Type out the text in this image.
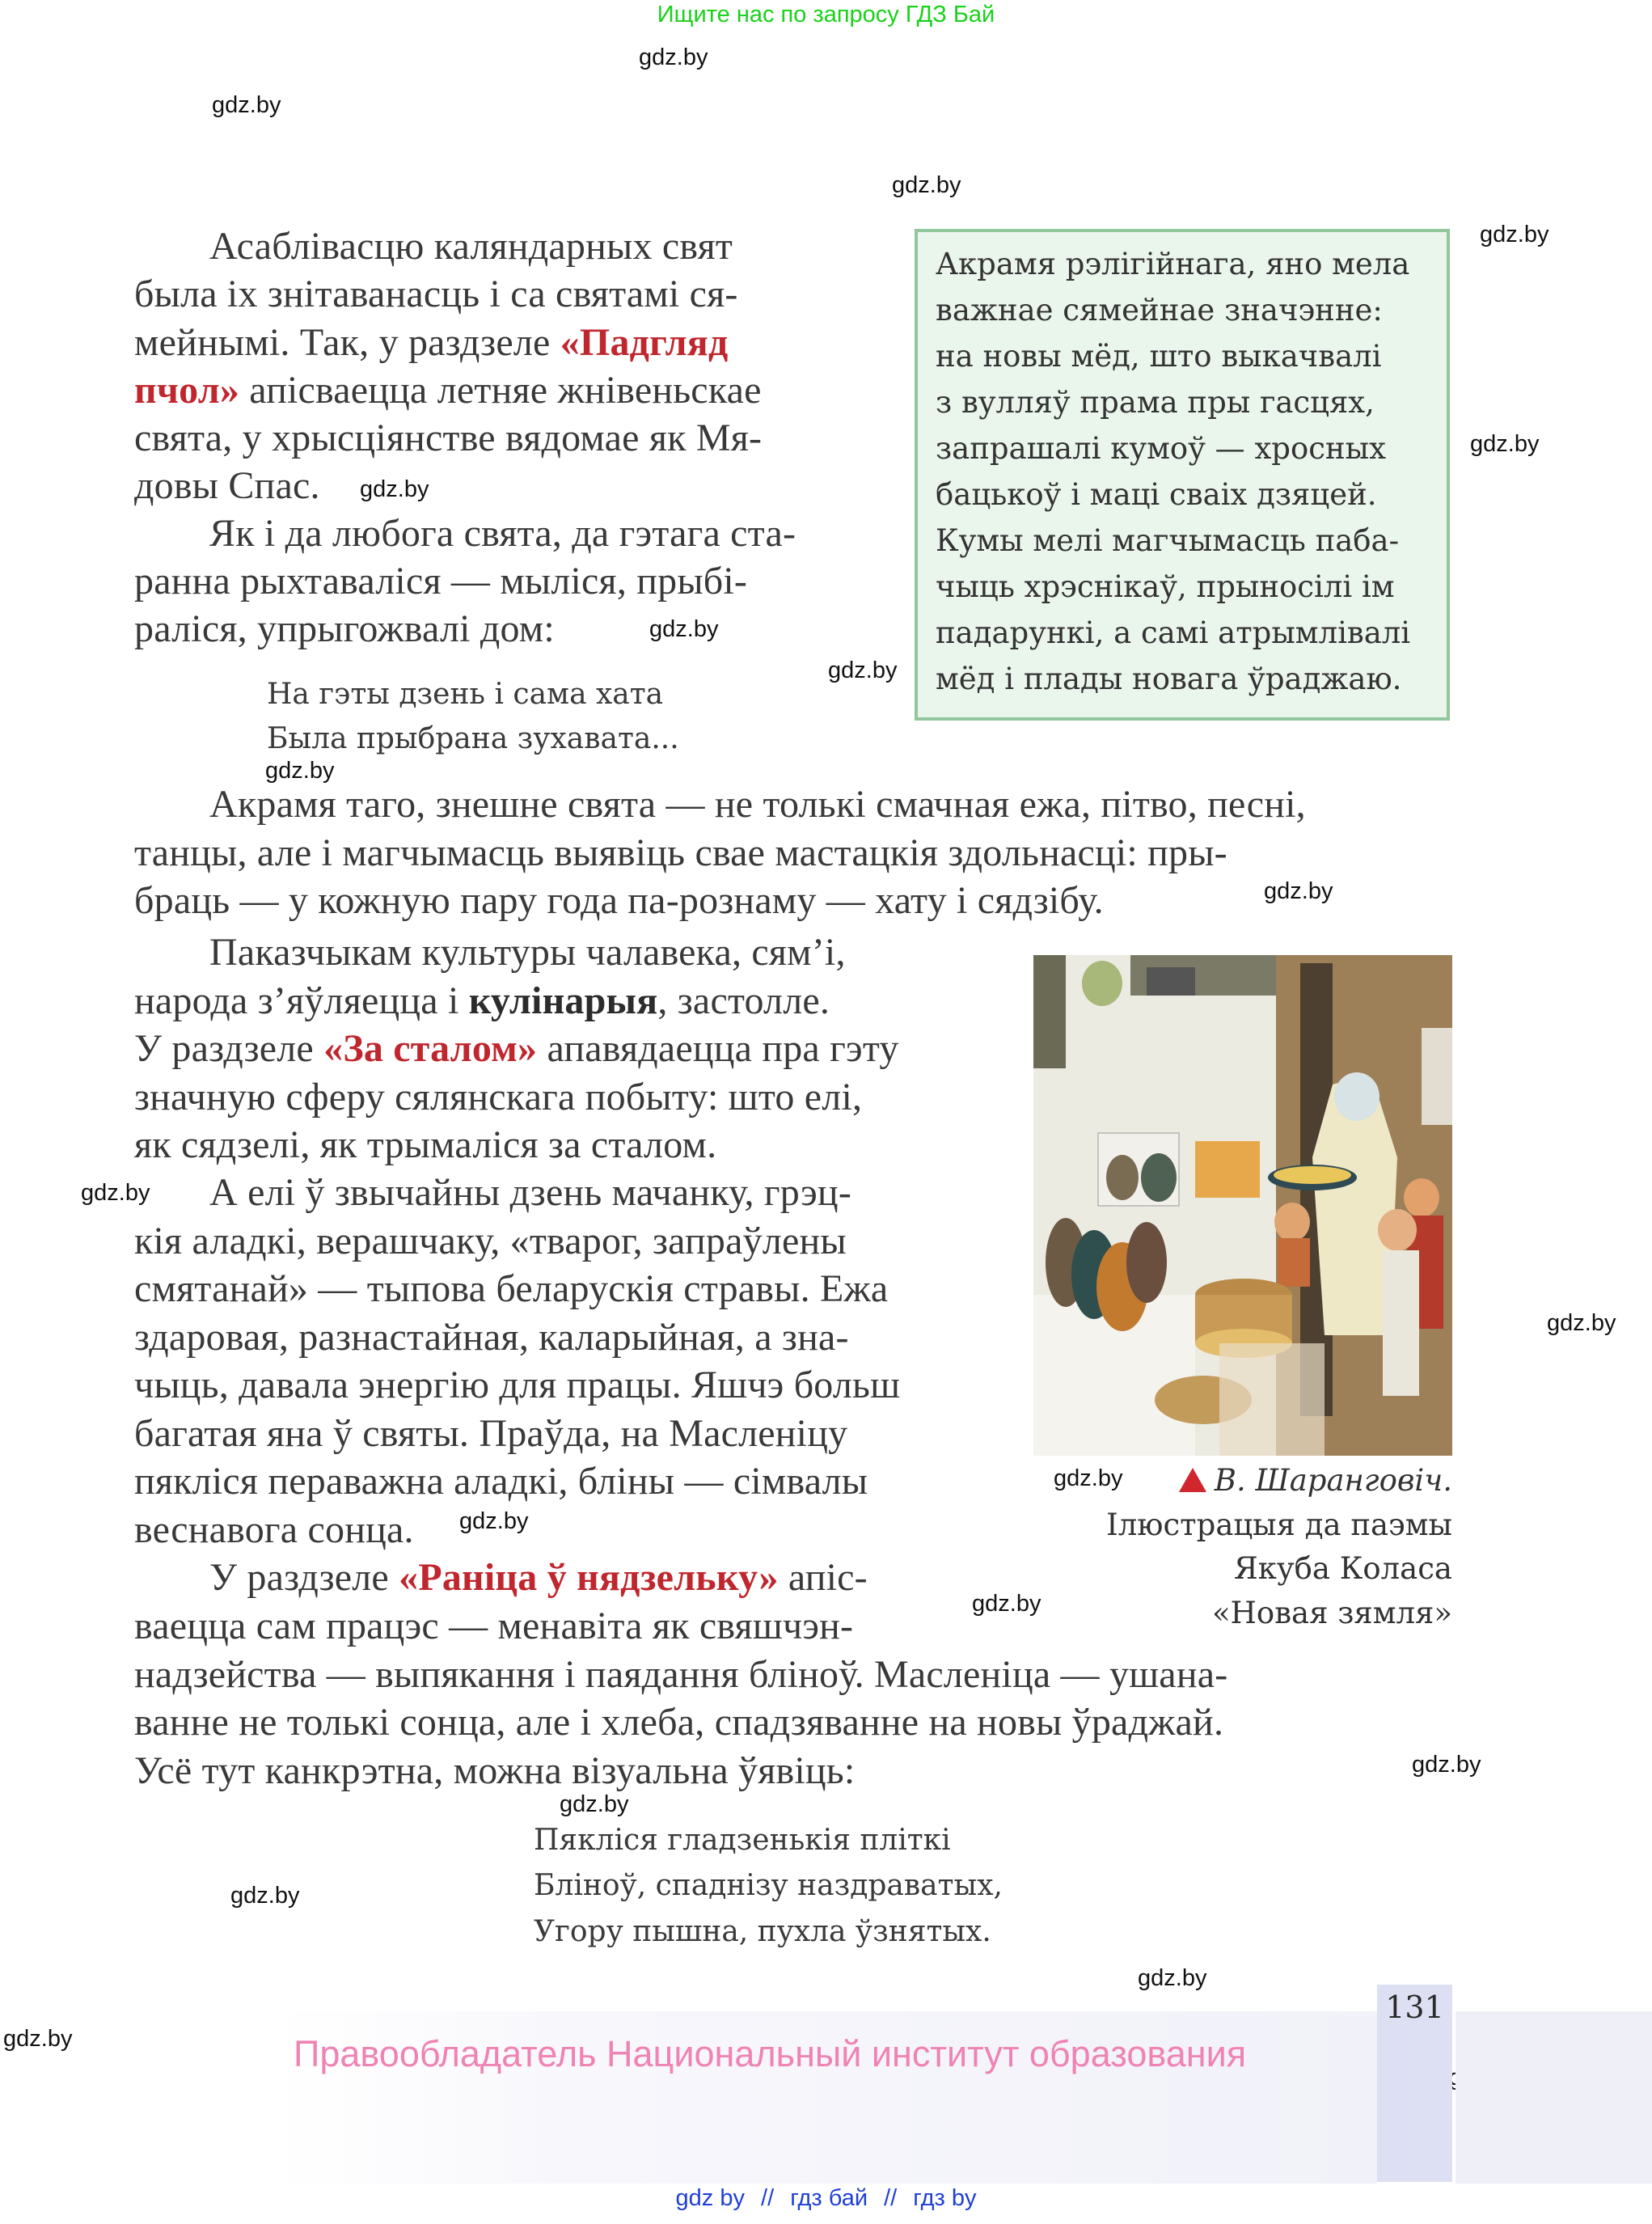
Ищите нас по запросу ГДЗ Бай
gdz.by
gdz.by
gdz.by
gdz.by
gdz.by
gdz.by
gdz.by
gdz.by
gdz.by
gdz.by
gdz.by
gdz.by
gdz.by
gdz.by
gdz.by
gdz.by
gdz.by
gdz.by
gdz.by
gdz.by
Асаблівасцю каляндарных свят
была іх знітаванасць і са святамі ся-
мейнымі. Так, у раздзеле «Падгляд
пчол» апісваецца летняе жнівеньскае
свята, у хрысціянстве вядомае як Мя-
довы Спас.
Як і да любога свята, да гэтага ста-
ранна рыхтаваліся — мыліся, прыбі-
раліся, упрыгожвалі дом:
На гэты дзень і сама хата
Была прыбрана зухавата...
Акрамя таго, знешне свята — не толькі смачная ежа, пітво, песні,
танцы, але і магчымасць выявіць свае мастацкія здольнасці: пры-
браць — у кожную пару года па-рознаму — хату і сядзібу.
Паказчыкам культуры чалавека, сям’і,
народа з’яўляецца і кулінарыя, застолле.
У раздзеле «За сталом» апавядаецца пра гэту
значную сферу сялянскага побыту: што елі,
як сядзелі, як трымаліся за сталом.
А елі ў звычайны дзень мачанку, грэц-
кія аладкі, верашчаку, «тварог, запраўлены
смятанай» — тыпова беларускія стравы. Ежа
здаровая, разнастайная, каларыйная, а зна-
чыць, давала энергію для працы. Яшчэ больш
багатая яна ў святы. Праўда, на Масленіцу
пякліся пераважна аладкі, бліны — сімвалы
веснавога сонца.
У раздзеле «Раніца ў нядзельку» апіс-
ваецца сам працэс — менавіта як свяшчэн-
надзейства — выпякання і паядання бліноў. Масленіца — ушана-
ванне не толькі сонца, але і хлеба, спадзяванне на новы ўраджай.
Усё тут канкрэтна, можна візуальна ўявіць:
Пякліся гладзенькія пліткі
Бліноў, спаднізу наздраватых,
Угору пышна, пухла ўзнятых.
Акрамя рэлігійнага, яно мела
важнае сямейнае значэнне:
на новы мёд, што выкачвалі
з вулляў прама пры гасцях,
запрашалі кумоў — хросных
бацькоў і маці сваіх дзяцей.
Кумы мелі магчымасць паба-
чыць хрэснікаў, прыносілі ім
падарункі, а самі атрымлівалі
мёд і плады новага ўраджаю.
В. Шаранговіч.
Ілюстрацыя да паэмы
Якуба Коласа
«Новая зямля»
Правообладатель Национальный институт образования
131
gdz by // гдз бай // гдз by
